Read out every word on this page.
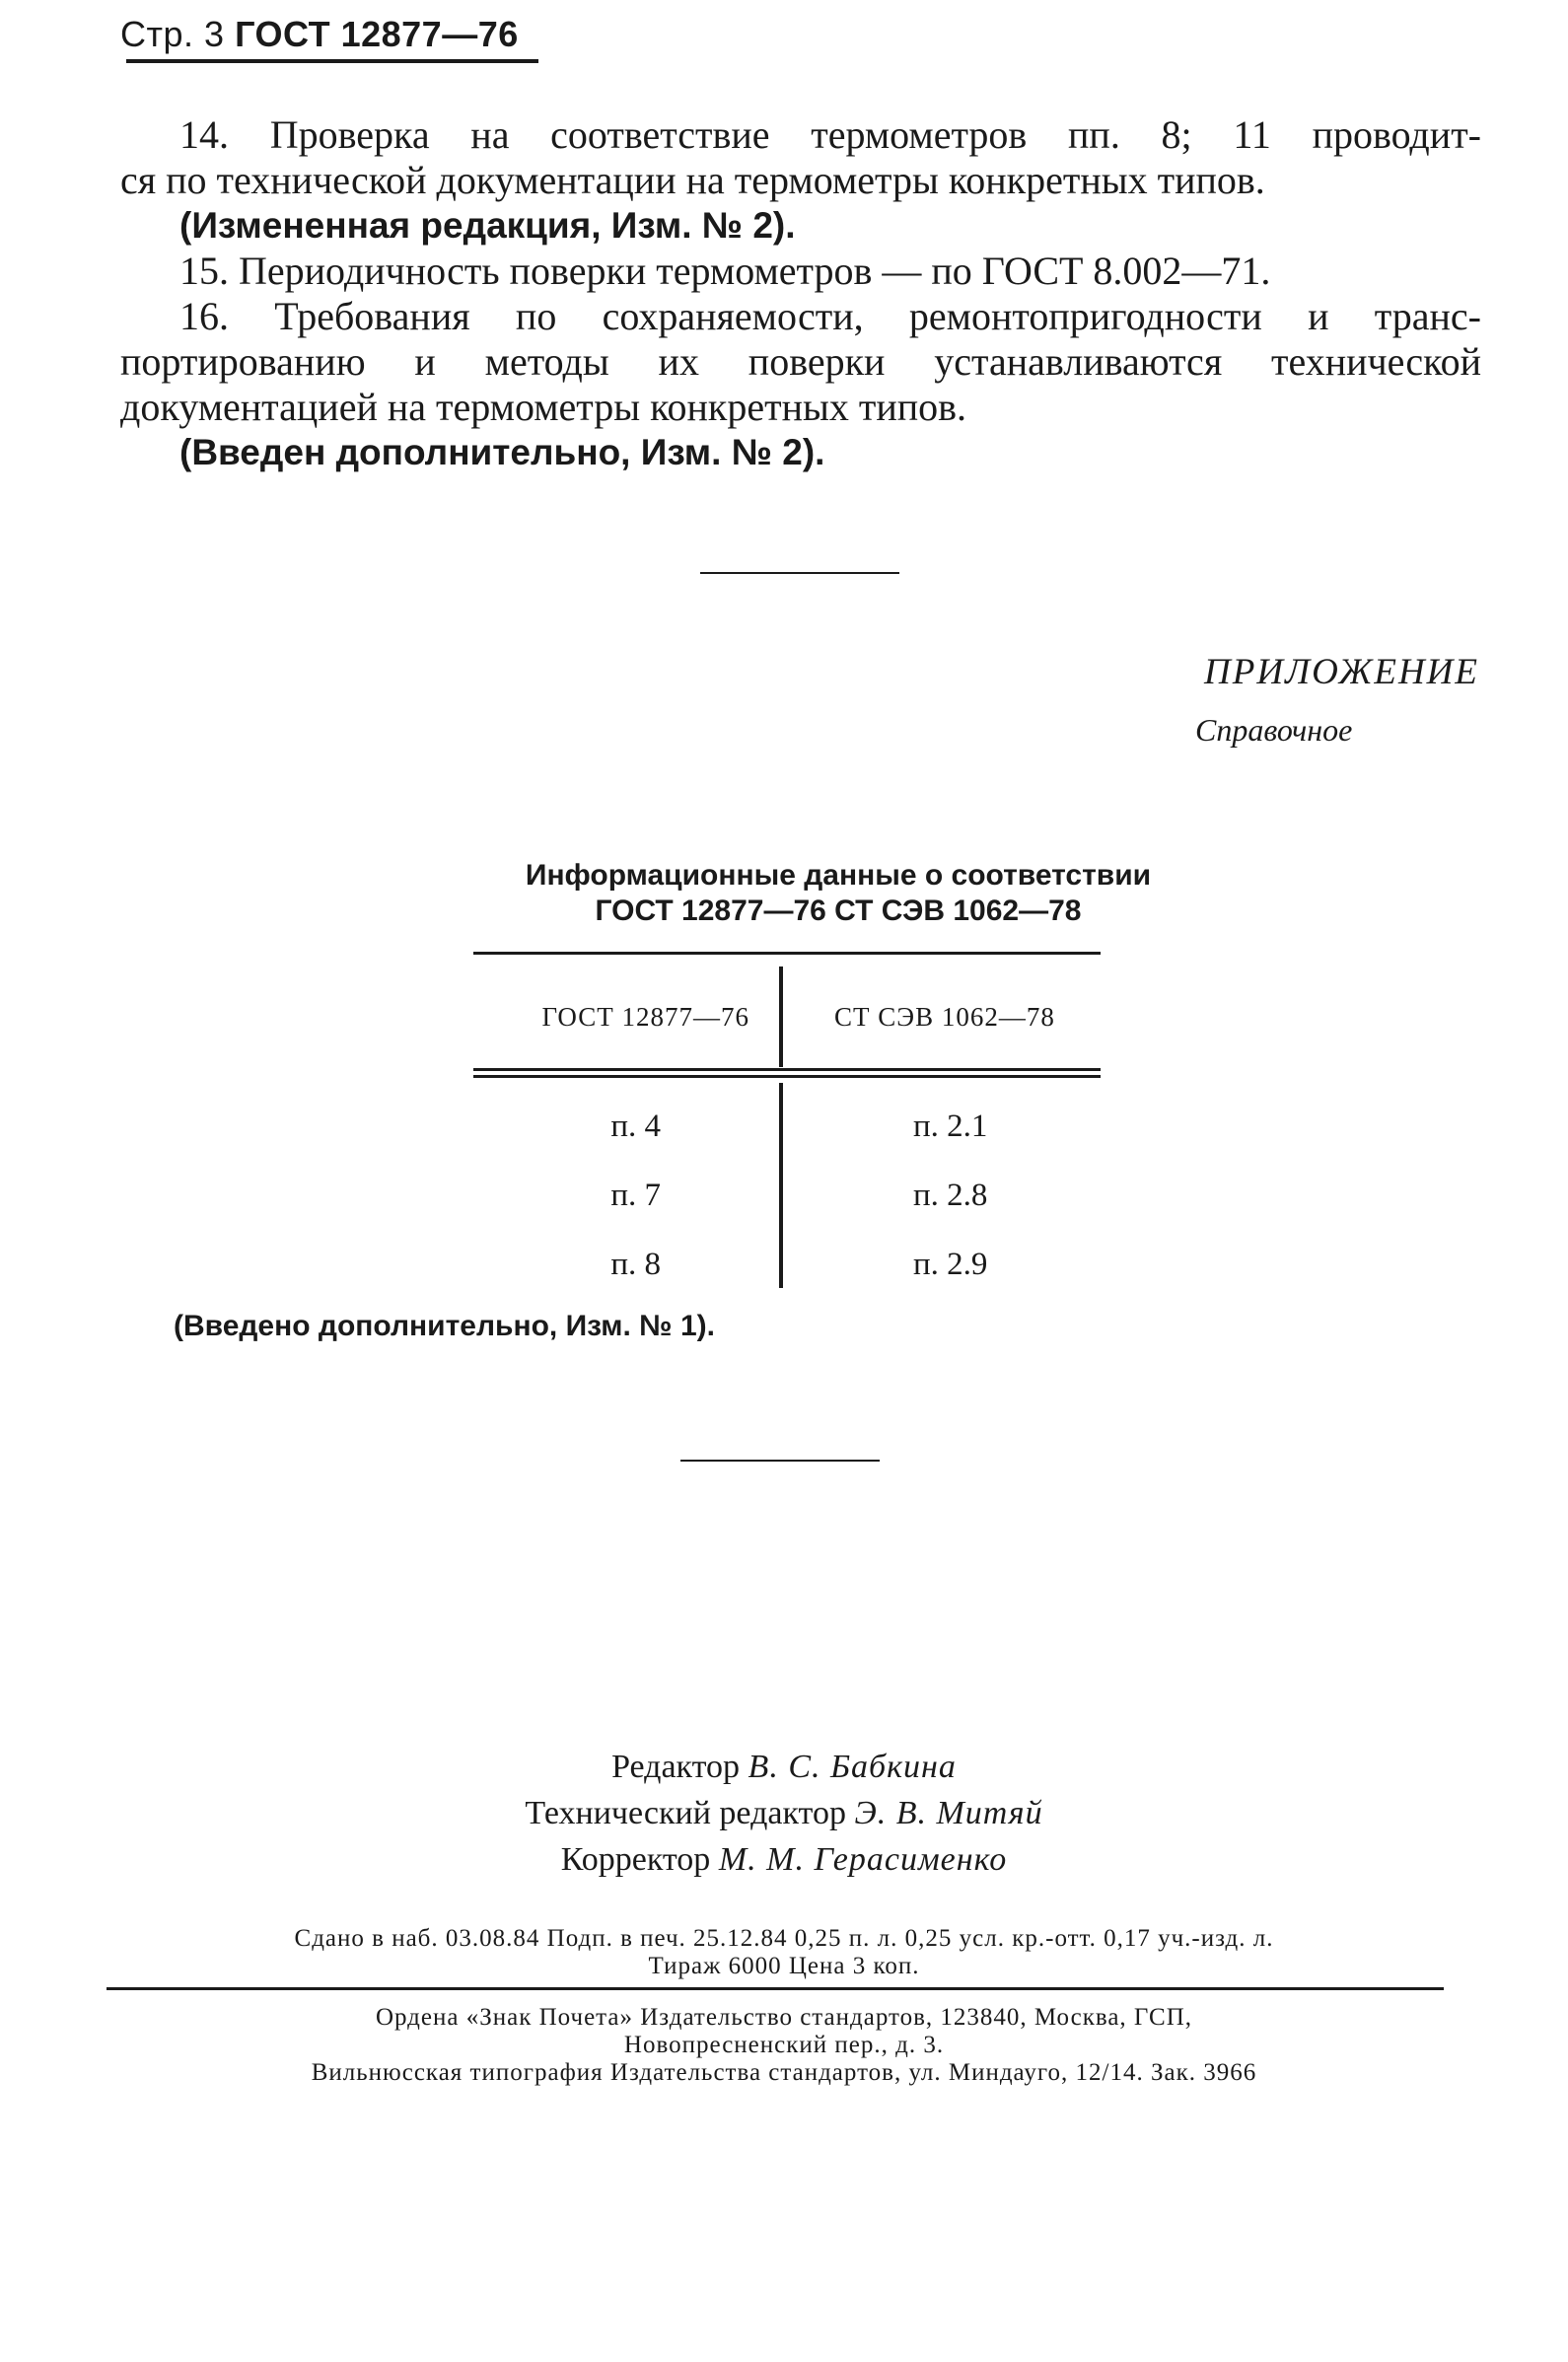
Стр. 3 ГОСТ 12877—76

14. Проверка на соответствие термометров пп. 8; 11 проводит-

ся по технической документации на термометры конкретных типов.

(Измененная редакция, Изм. № 2).

15. Периодичность поверки термометров — по ГОСТ 8.002—71.

16. Требования по сохраняемости, ремонтопригодности и транс-

портированию и методы их поверки устанавливаются технической

документацией на термометры конкретных типов.

(Введен дополнительно, Изм. № 2).

ПРИЛОЖЕНИЕ
Справочное
Информационные данные о соответствии
ГОСТ 12877—76 СТ СЭВ 1062—78
ГОСТ 12877—76	СТ СЭВ 1062—78
п. 4	п. 2.1
п. 7	п. 2.8
п. 8	п. 2.9
(Введено дополнительно, Изм. № 1).
Редактор В. С. Бабкина
Технический редактор Э. В. Митяй
Корректор М. М. Герасименко
Сдано в наб. 03.08.84 Подп. в печ. 25.12.84 0,25 п. л. 0,25 усл. кр.-отт. 0,17 уч.-изд. л.
Тираж 6000 Цена 3 коп.
Ордена «Знак Почета» Издательство стандартов, 123840, Москва, ГСП,
Новопресненский пер., д. 3.
Вильнюсская типография Издательства стандартов, ул. Миндауго, 12/14. Зак. 3966
